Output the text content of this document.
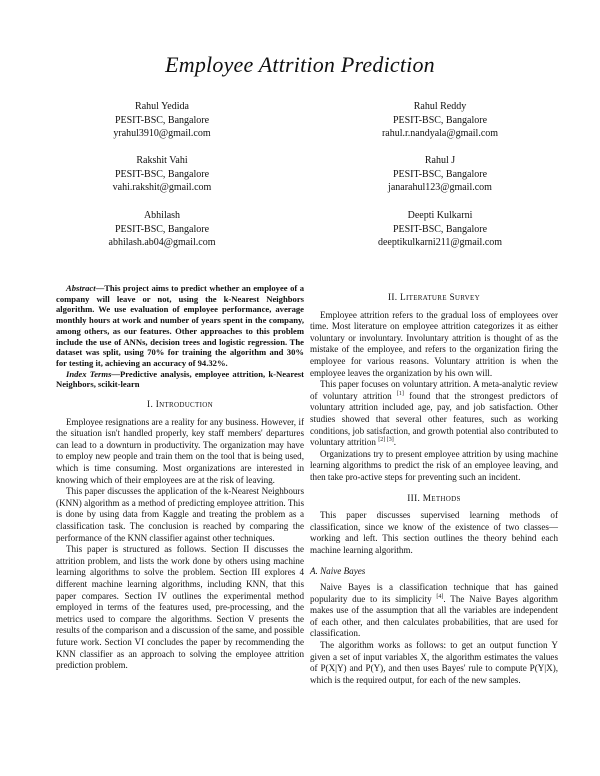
Employee Attrition Prediction
Rahul Yedida
PESIT-BSC, Bangalore
yrahul3910@gmail.com
Rahul Reddy
PESIT-BSC, Bangalore
rahul.r.nandyala@gmail.com
Rakshit Vahi
PESIT-BSC, Bangalore
vahi.rakshit@gmail.com
Rahul J
PESIT-BSC, Bangalore
janarahul123@gmail.com
Abhilash
PESIT-BSC, Bangalore
abhilash.ab04@gmail.com
Deepti Kulkarni
PESIT-BSC, Bangalore
deeptikulkarni211@gmail.com

Abstract—This project aims to predict whether an employee of a company will leave or not, using the k-Nearest Neighbors algorithm. We use evaluation of employee performance, average monthly hours at work and number of years spent in the company, among others, as our features. Other approaches to this problem include the use of ANNs, decision trees and logistic regression. The dataset was split, using 70% for training the algorithm and 30% for testing it, achieving an accuracy of 94.32%.

Index Terms—Predictive analysis, employee attrition, k-Nearest Neighbors, scikit-learn

I. Introduction

Employee resignations are a reality for any business. However, if the situation isn't handled properly, key staff members' departures can lead to a downturn in productivity. The organization may have to employ new people and train them on the tool that is being used, which is time consuming. Most organizations are interested in knowing which of their employees are at the risk of leaving.

This paper discusses the application of the k-Nearest Neighbours (KNN) algorithm as a method of predicting employee attrition. This is done by using data from Kaggle and treating the problem as a classification task. The conclusion is reached by comparing the performance of the KNN classifier against other techniques.

This paper is structured as follows. Section II discusses the attrition problem, and lists the work done by others using machine learning algorithms to solve the problem. Section III explores 4 different machine learning algorithms, including KNN, that this paper compares. Section IV outlines the experimental method employed in terms of the features used, pre-processing, and the metrics used to compare the algorithms. Section V presents the results of the comparison and a discussion of the same, and possible future work. Section VI concludes the paper by recommending the KNN classifier as an approach to solving the employee attrition prediction problem.

II. Literature Survey

Employee attrition refers to the gradual loss of employees over time. Most literature on employee attrition categorizes it as either voluntary or involuntary. Involuntary attrition is thought of as the mistake of the employee, and refers to the organization firing the employee for various reasons. Voluntary attrition is when the employee leaves the organization by his own will.

This paper focuses on voluntary attrition. A meta-analytic review of voluntary attrition [1] found that the strongest predictors of voluntary attrition included age, pay, and job satisfaction. Other studies showed that several other features, such as working conditions, job satisfaction, and growth potential also contributed to voluntary attrition [2] [3].

Organizations try to present employee attrition by using machine learning algorithms to predict the risk of an employee leaving, and then take pro-active steps for preventing such an incident.

III. Methods

This paper discusses supervised learning methods of classification, since we know of the existence of two classes—working and left. This section outlines the theory behind each machine learning algorithm.

A. Naive Bayes

Naive Bayes is a classification technique that has gained popularity due to its simplicity [4]. The Naive Bayes algorithm makes use of the assumption that all the variables are independent of each other, and then calculates probabilities, that are used for classification.

The algorithm works as follows: to get an output function Y given a set of input variables X, the algorithm estimates the values of P(X|Y) and P(Y), and then uses Bayes' rule to compute P(Y|X), which is the required output, for each of the new samples.
